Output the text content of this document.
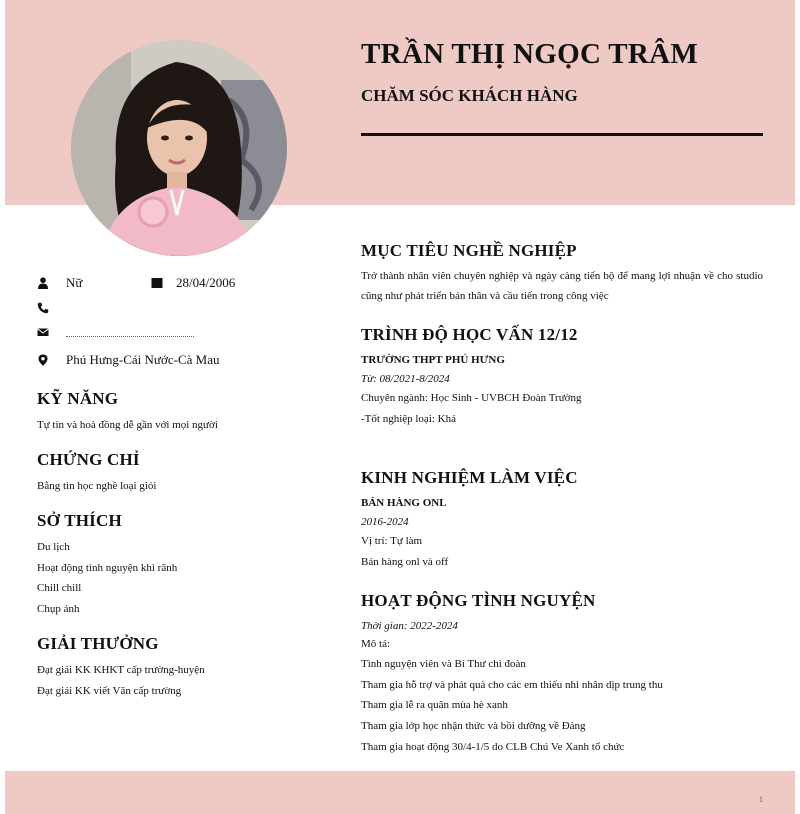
TRẦN THỊ NGỌC TRÂM
CHĂM SÓC KHÁCH HÀNG
Nữ	28/04/2006
Phú Hưng-Cái Nước-Cà Mau
KỸ NĂNG
Tự tin và hoà đồng dễ gần với mọi người
CHỨNG CHỈ
Bằng tin học nghề loại giỏi
SỞ THÍCH
Du lịch
Hoạt động tình nguyện khi rãnh
Chill chill
Chụp ảnh
GIẢI THƯỞNG
Đạt giải KK KHKT cấp trường-huyện
Đạt giải KK viết Văn cấp trường
MỤC TIÊU NGHỀ NGHIỆP
Trở thành nhân viên chuyên nghiệp và ngày càng tiến bộ để mang lợi nhuận về cho studio cũng như phát triển bản thân và cầu tiến trong công việc
TRÌNH ĐỘ HỌC VẤN 12/12
TRƯỜNG THPT PHÚ HƯNG
Từ: 08/2021-8/2024
Chuyên ngành: Học Sinh - UVBCH Đoàn Trường
-Tốt nghiệp loại: Khá
KINH NGHIỆM LÀM VIỆC
BÁN HÀNG ONL
2016-2024
Vị trí: Tự làm
Bán hàng onl và off
HOẠT ĐỘNG TÌNH NGUYỆN
Thời gian: 2022-2024
Mô tả:
Tình nguyện viên và Bí Thư chi đoàn
Tham gia hỗ trợ và phát quà cho các em thiếu nhi nhân dịp trung thu
Tham gia lễ ra quân mùa hè xanh
Tham gia lớp học nhận thức và bồi dưỡng về Đảng
Tham gia hoạt động 30/4-1/5 do CLB Chú Ve Xanh tổ chức
1
